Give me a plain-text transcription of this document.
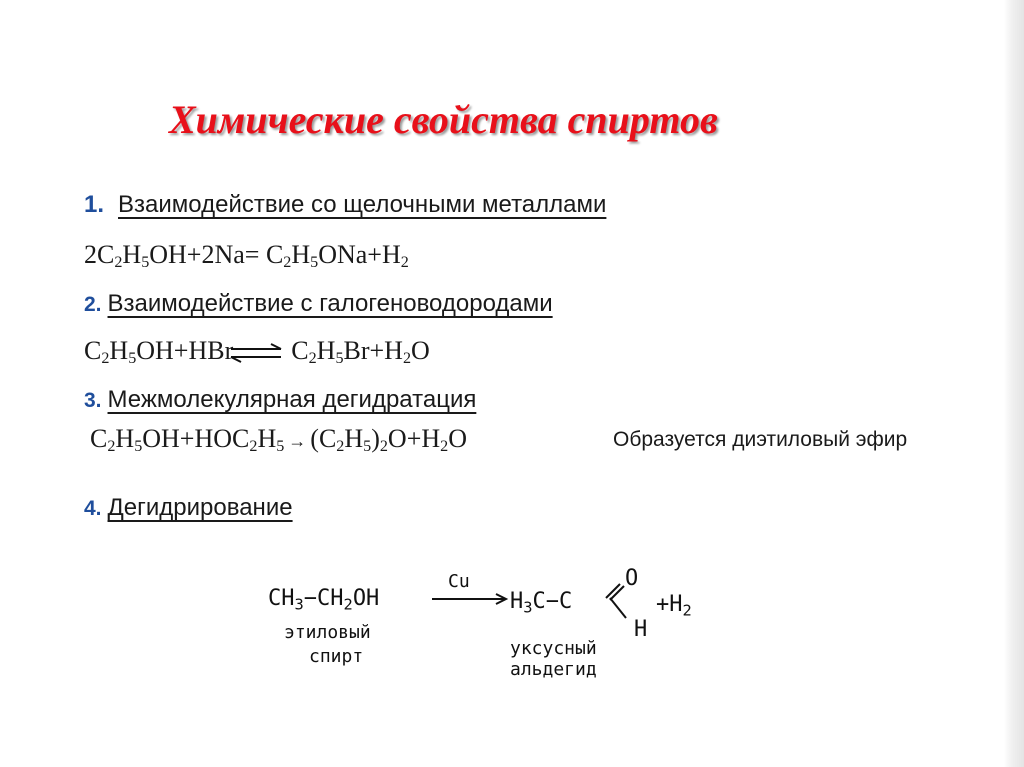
Химические свойства спиртов
1. Взаимодействие со щелочными металлами
$2C_2H_5OH+2Na= C_2H_5ONa+H_2$
2. Взаимодействие с галогеноводородами
$C_2H_5OH+HBr$ ⇌ $C_2H_5Br+H_2O$
3. Межмолекулярная дегидратация
$C_2H_5OH+HOC_2H_5 \to (C_2H_5)_2O+H_2O$	Образуется диэтиловый эфир
4. Дегидрирование
$CH_3-CH_2OH$
Cu
$H_3C-C$
O
H
$+H_2$
этиловый
спирт	уксусный
альдегид
